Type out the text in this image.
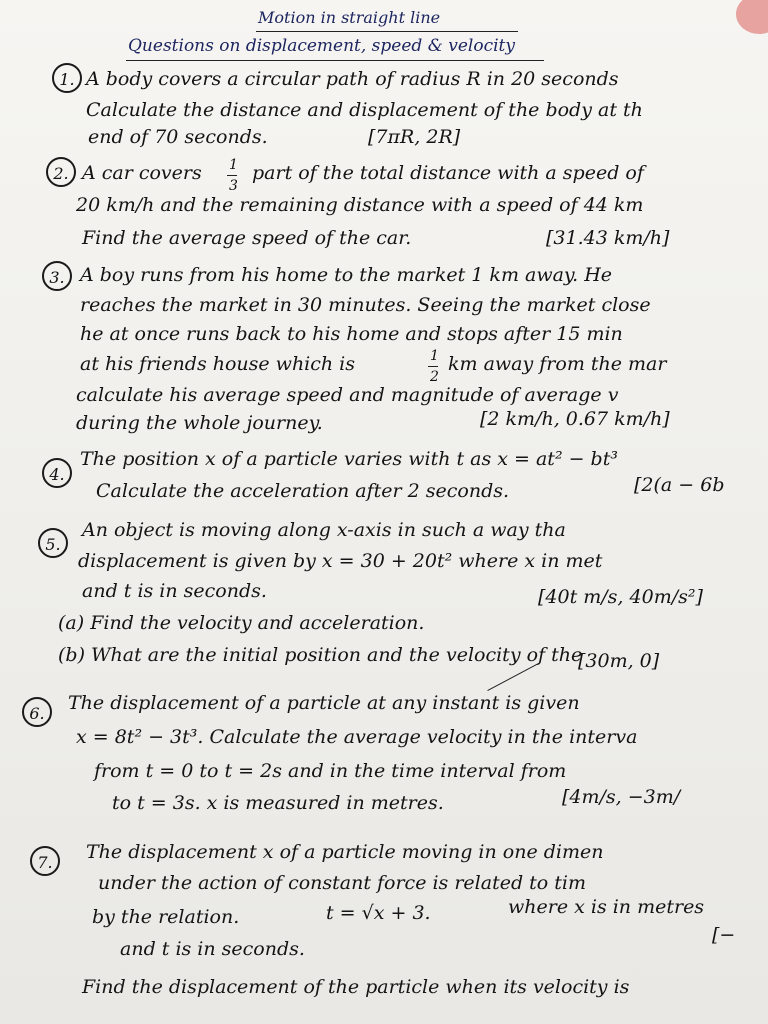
Motion in straight line
Questions on displacement, speed & velocity
1. A body covers a circular path of radius R in 20 seconds
Calculate the distance and displacement of the body at th
end of 70 seconds.	[7πR, 2R]
2. A car covers 1
3
part of the total distance with a speed of
20 km/h and the remaining distance with a speed of 44 km
Find the average speed of the car.	[31.43 km/h]
3. A boy runs from his home to the market 1 km away. He
reaches the market in 30 minutes. Seeing the market close
he at once runs back to his home and stops after 15 min
at his friends house which is	1
2
km away from the mar
calculate his average speed and magnitude of average v
during the whole journey.	[2 km/h, 0.67 km/h]
4.
The position x of a particle varies with t as x = at² − bt³
Calculate the acceleration after 2 seconds.	[2(a − 6b
5.
An object is moving along x-axis in such a way tha
displacement is given by x = 30 + 20t² where x in met
and t is in seconds.	[40t m/s, 40m/s²]
(a) Find the velocity and acceleration.
(b) What are the initial position and the velocity of the
[30m, 0]
6. The displacement of a particle at any instant is given
x = 8t² − 3t³. Calculate the average velocity in the interva
from t = 0 to t = 2s and in the time interval from
to t = 3s. x is measured in metres.	[4m/s, −3m/
7. The displacement x of a particle moving in one dimen
under the action of constant force is related to tim
by the relation.	t = √x + 3.	where x is in metres
and t is in seconds.
[−
Find the displacement of the particle when its velocity is
